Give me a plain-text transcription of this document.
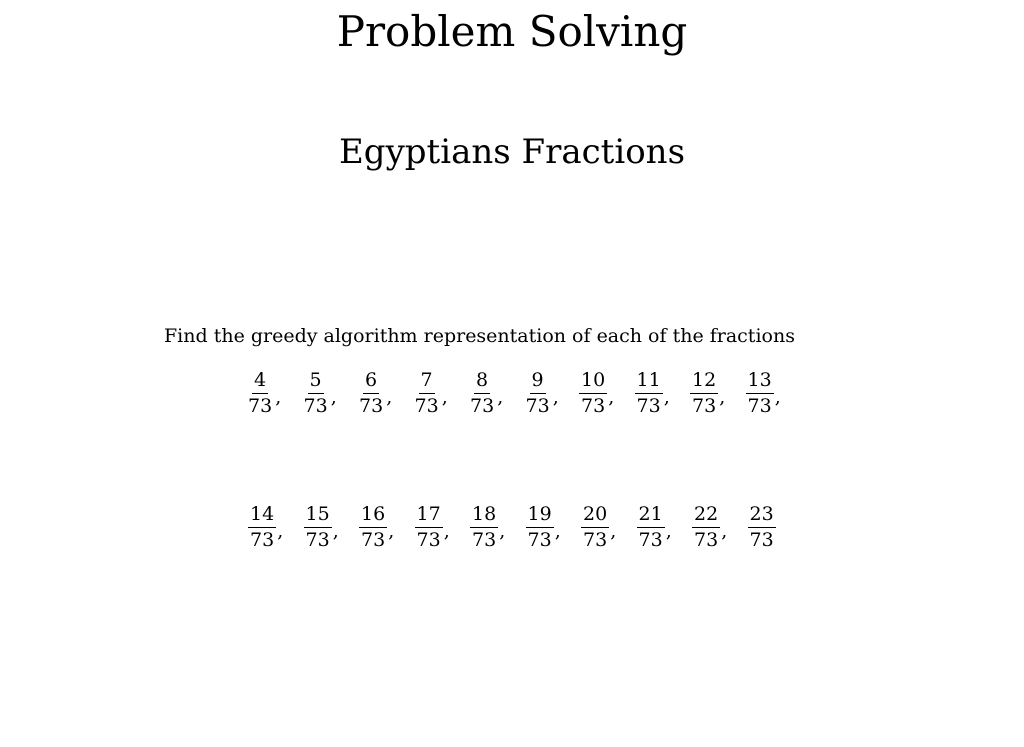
Problem Solving
Egyptians Fractions

Find the greedy algorithm representation of each of the fractions

$\frac{4}{73}$ , $\frac{5}{73}$ , $\frac{6}{73}$ , $\frac{7}{73}$ , $\frac{8}{73}$ , $\frac{9}{73}$ , $\frac{10}{73}$ , $\frac{11}{73}$ , $\frac{12}{73}$ , $\frac{13}{73}$ ,
$\frac{14}{73}$ , $\frac{15}{73}$ , $\frac{16}{73}$ , $\frac{17}{73}$ , $\frac{18}{73}$ , $\frac{19}{73}$ , $\frac{20}{73}$ , $\frac{21}{73}$ , $\frac{22}{73}$ , $\frac{23}{73}$
